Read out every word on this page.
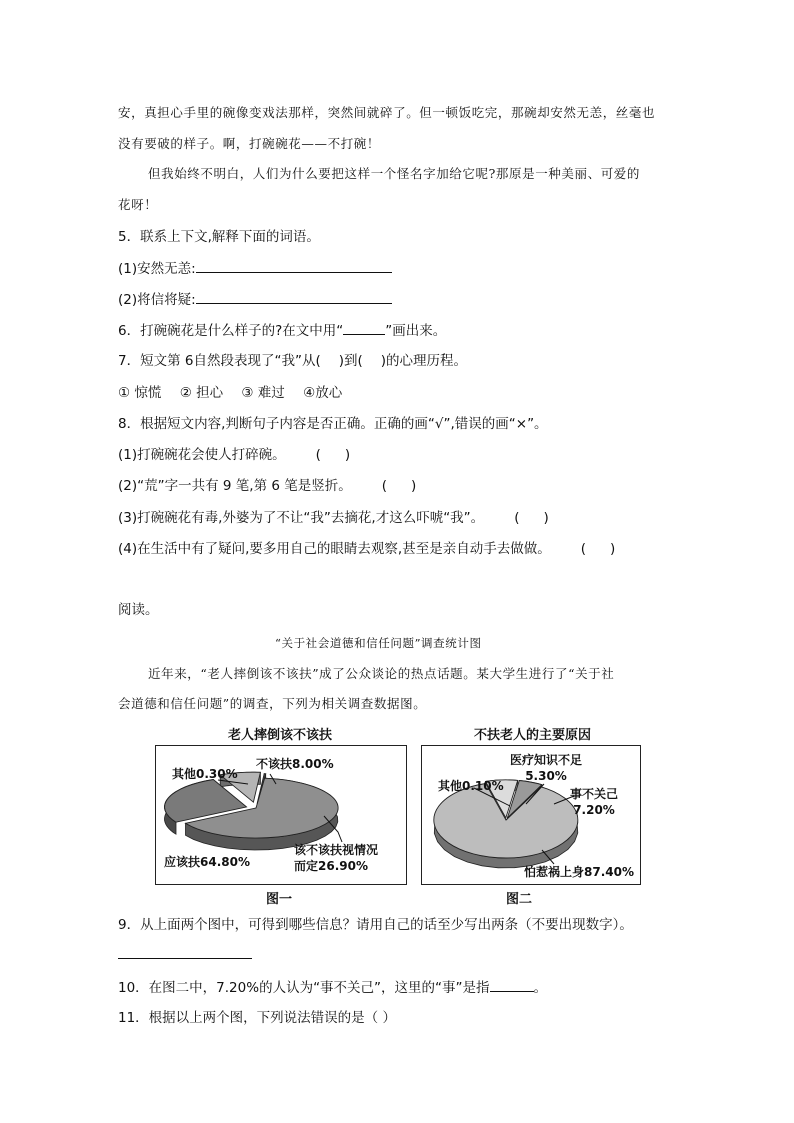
安，真担心手里的碗像变戏法那样，突然间就碎了。但一顿饭吃完，那碗却安然无恙，丝毫也
没有要破的样子。啊，打碗碗花——不打碗！
但我始终不明白，人们为什么要把这样一个怪名字加给它呢?那原是一种美丽、可爱的
花呀！
5．联系上下文,解释下面的词语。
(1)安然无恙:
(2)将信将疑:
6．打碗碗花是什么样子的?在文中用“	”画出来。
7．短文第 6自然段表现了“我”从( )到( )的心理历程。
① 惊慌 ② 担心 ③ 难过 ④放心
8．根据短文内容,判断句子内容是否正确。正确的画“√”,错误的画“×”。
(1)打碗碗花会使人打碎碗。 ( )
(2)“荒”字一共有 9 笔,第 6 笔是竖折。 ( )
(3)打碗碗花有毒,外婆为了不让“我”去摘花,才这么吓唬“我”。 ( )
(4)在生活中有了疑问,要多用自己的眼睛去观察,甚至是亲自动手去做做。 ( )
阅读。
“关于社会道德和信任问题”调查统计图
近年来，“老人摔倒该不该扶”成了公众谈论的热点话题。某大学生进行了“关于社
会道德和信任问题”的调查，下列为相关调查数据图。
老人摔倒该不该扶
其他0.30%
不该扶8.00%
该不该扶视情况
而定26.90%
应该扶64.80%
图一
不扶老人的主要原因
其他0.10%
医疗知识不足
5.30%
事不关己
7.20%
怕惹祸上身87.40%
图二
9．从上面两个图中，可得到哪些信息？请用自己的话至少写出两条（不要出现数字）。
10．在图二中，7.20%的人认为“事不关己”，这里的“事”是指	。
11．根据以上两个图，下列说法错误的是（ ）
